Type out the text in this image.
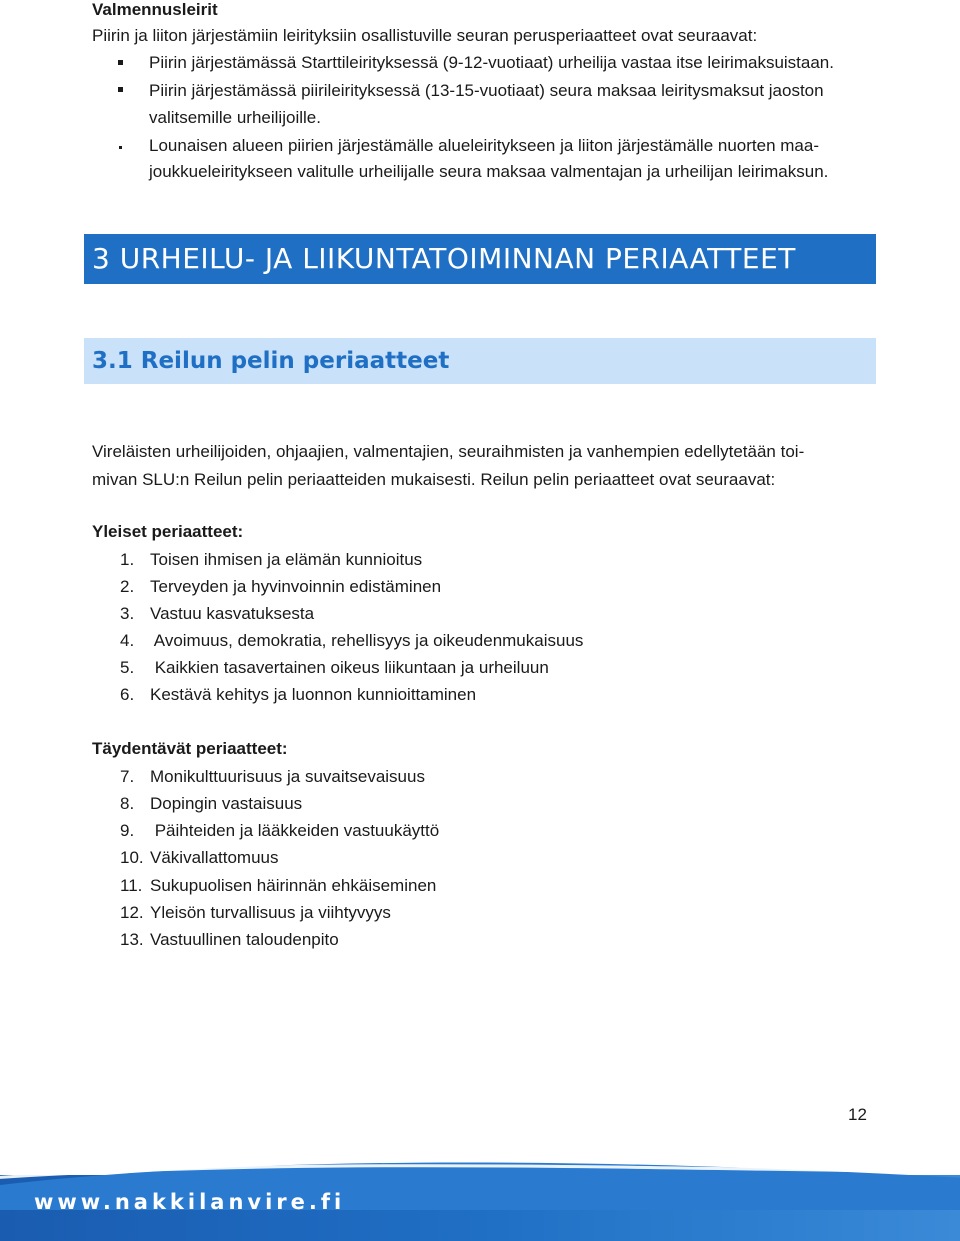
Valmennusleirit
Piirin ja liiton järjestämiin leirityksiin osallistuville seuran perusperiaatteet ovat seuraavat:
Piirin järjestämässä Starttileirityksessä (9-12-vuotiaat) urheilija vastaa itse leirimaksuistaan.
Piirin järjestämässä piirileirityksessä (13-15-vuotiaat) seura maksaa leiritysmaksut jaoston
valitsemille urheilijoille.
Lounaisen alueen piirien järjestämälle alueleiritykseen ja liiton järjestämälle nuorten maa-
joukkueleiritykseen valitulle urheilijalle seura maksaa valmentajan ja urheilijan leirimaksun.
3 URHEILU- JA LIIKUNTATOIMINNAN PERIAATTEET
3.1 Reilun pelin periaatteet
Vireläisten urheilijoiden, ohjaajien, valmentajien, seuraihmisten ja vanhempien edellytetään toi-
mivan SLU:n Reilun pelin periaatteiden mukaisesti. Reilun pelin periaatteet ovat seuraavat:
Yleiset periaatteet:
1. Toisen ihmisen ja elämän kunnioitus
2. Terveyden ja hyvinvoinnin edistäminen
3. Vastuu kasvatuksesta
4. Avoimuus, demokratia, rehellisyys ja oikeudenmukaisuus
5. Kaikkien tasavertainen oikeus liikuntaan ja urheiluun
6. Kestävä kehitys ja luonnon kunnioittaminen
Täydentävät periaatteet:
7. Monikulttuurisuus ja suvaitsevaisuus
8. Dopingin vastaisuus
9. Päihteiden ja lääkkeiden vastuukäyttö
10. Väkivallattomuus
11. Sukupuolisen häirinnän ehkäiseminen
12. Yleisön turvallisuus ja viihtyvyys
13. Vastuullinen taloudenpito
12
www.nakkilanvire.fi
